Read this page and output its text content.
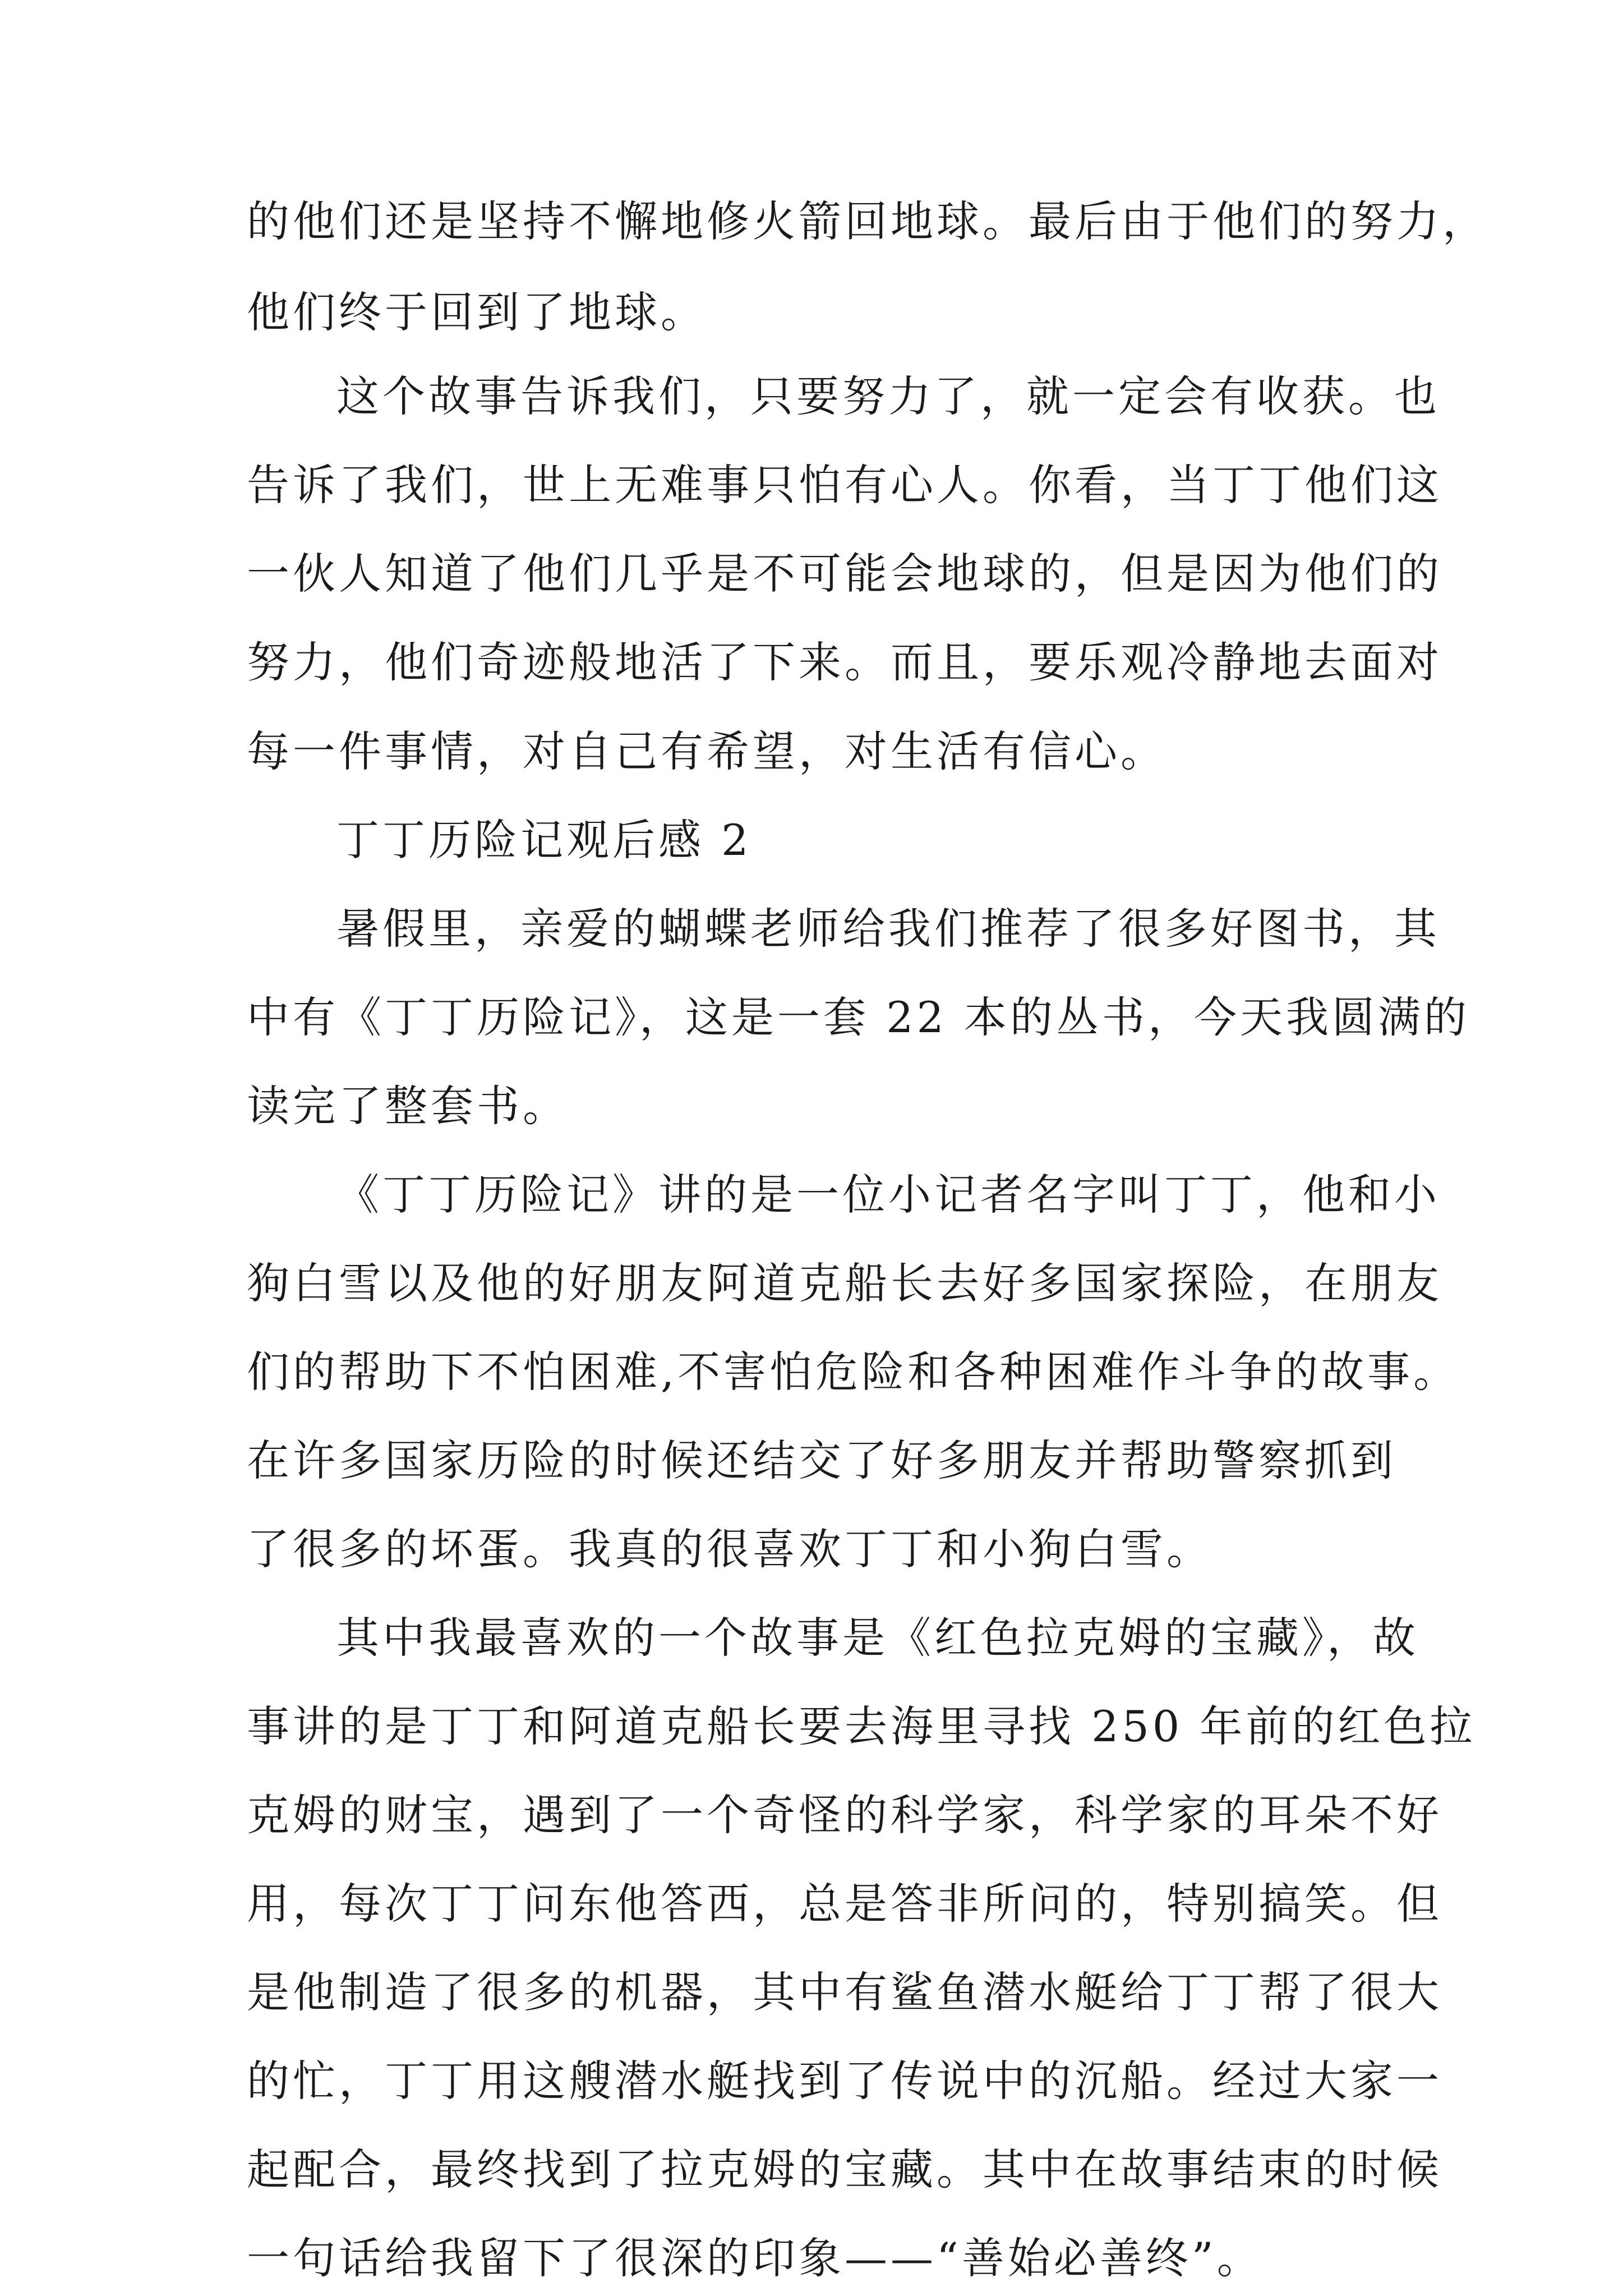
的他们还是坚持不懈地修火箭回地球。最后由于他们的努力，
他们终于回到了地球。
这个故事告诉我们，只要努力了，就一定会有收获。也
告诉了我们，世上无难事只怕有心人。你看，当丁丁他们这
一伙人知道了他们几乎是不可能会地球的，但是因为他们的
努力，他们奇迹般地活了下来。而且，要乐观冷静地去面对
每一件事情，对自己有希望，对生活有信心。
丁丁历险记观后感 2
暑假里，亲爱的蝴蝶老师给我们推荐了很多好图书，其
中有《丁丁历险记》，这是一套 22 本的丛书，今天我圆满的
读完了整套书。
《丁丁历险记》讲的是一位小记者名字叫丁丁，他和小
狗白雪以及他的好朋友阿道克船长去好多国家探险，在朋友
们的帮助下不怕困难,不害怕危险和各种困难作斗争的故事。
在许多国家历险的时候还结交了好多朋友并帮助警察抓到
了很多的坏蛋。我真的很喜欢丁丁和小狗白雪。
其中我最喜欢的一个故事是《红色拉克姆的宝藏》，故
事讲的是丁丁和阿道克船长要去海里寻找 250 年前的红色拉
克姆的财宝，遇到了一个奇怪的科学家，科学家的耳朵不好
用，每次丁丁问东他答西，总是答非所问的，特别搞笑。但
是他制造了很多的机器，其中有鲨鱼潜水艇给丁丁帮了很大
的忙，丁丁用这艘潜水艇找到了传说中的沉船。经过大家一
起配合，最终找到了拉克姆的宝藏。其中在故事结束的时候
一句话给我留下了很深的印象——“善始必善终”。
